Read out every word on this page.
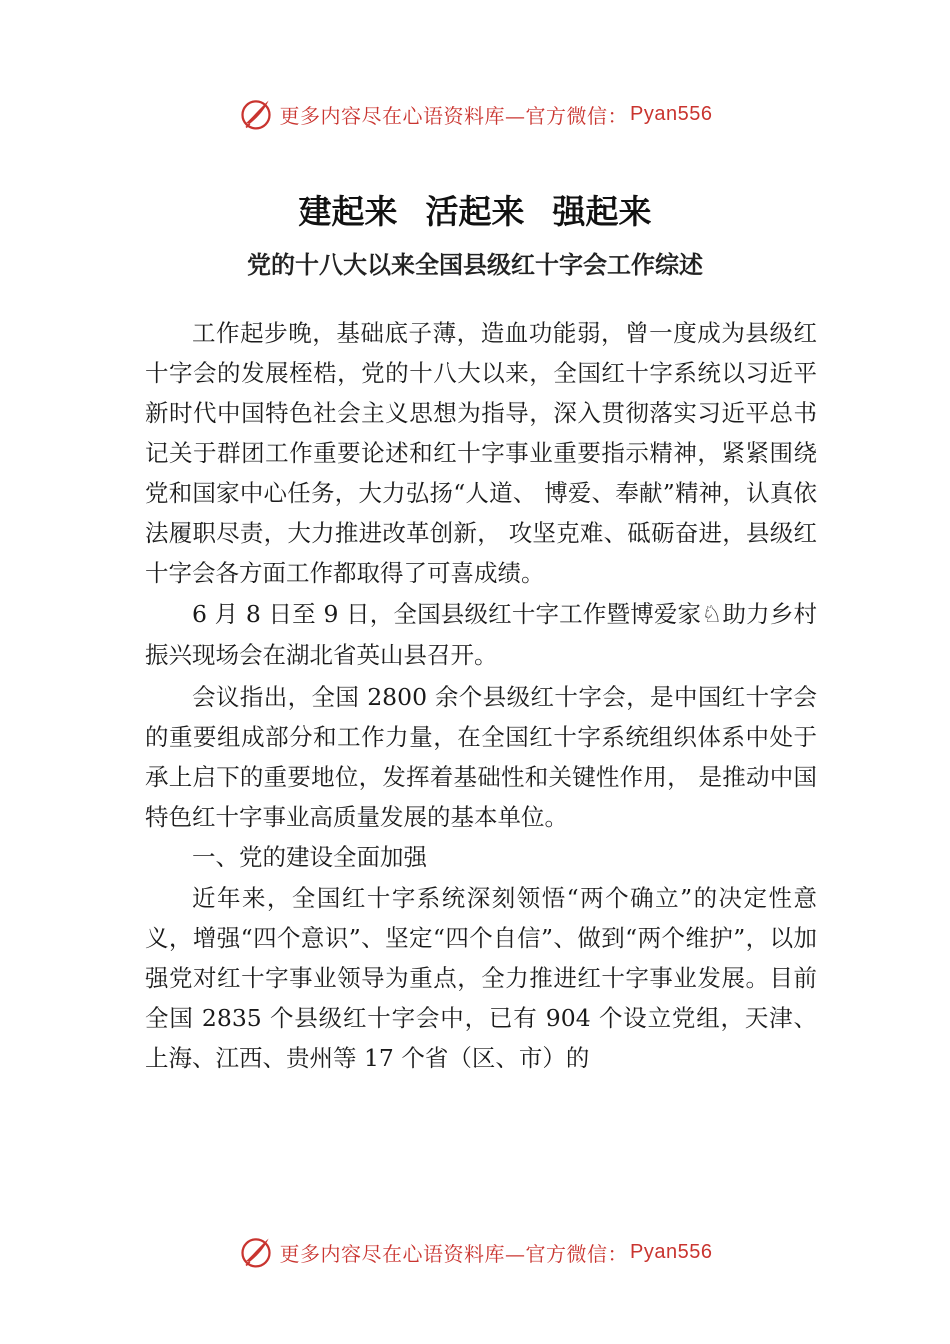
更多内容尽在心语资料库—官方微信： Pyan556
建起来 活起来 强起来
党的十八大以来全国县级红十字会工作综述

工作起步晚，基础底子薄，造血功能弱，曾一度成为县级红十字会的发展桎梏，党的十八大以来，全国红十字系统以习近平新时代中国特色社会主义思想为指导，深入贯彻落实习近平总书记关于群团工作重要论述和红十字事业重要指示精神，紧紧围绕党和国家中心任务，大力弘扬“人道、 博爱、奉献”精神，认真依法履职尽责，大力推进改革创新， 攻坚克难、砥砺奋进，县级红十字会各方面工作都取得了可喜成绩。

6 月 8 日至 9 日，全国县级红十字工作暨博爱家♘助力乡村振兴现场会在湖北省英山县召开。

会议指出，全国 2800 余个县级红十字会，是中国红十字会的重要组成部分和工作力量，在全国红十字系统组织体系中处于承上启下的重要地位，发挥着基础性和关键性作用， 是推动中国特色红十字事业高质量发展的基本单位。

一、党的建设全面加强

近年来，全国红十字系统深刻领悟“两个确立”的决定性意义，增强“四个意识”、坚定“四个自信”、做到“两个维护”，以加强党对红十字事业领导为重点，全力推进红十字事业发展。目前全国 2835 个县级红十字会中，已有 904 个设立党组，天津、上海、江西、贵州等 17 个省（区、市）的

更多内容尽在心语资料库—官方微信： Pyan556
